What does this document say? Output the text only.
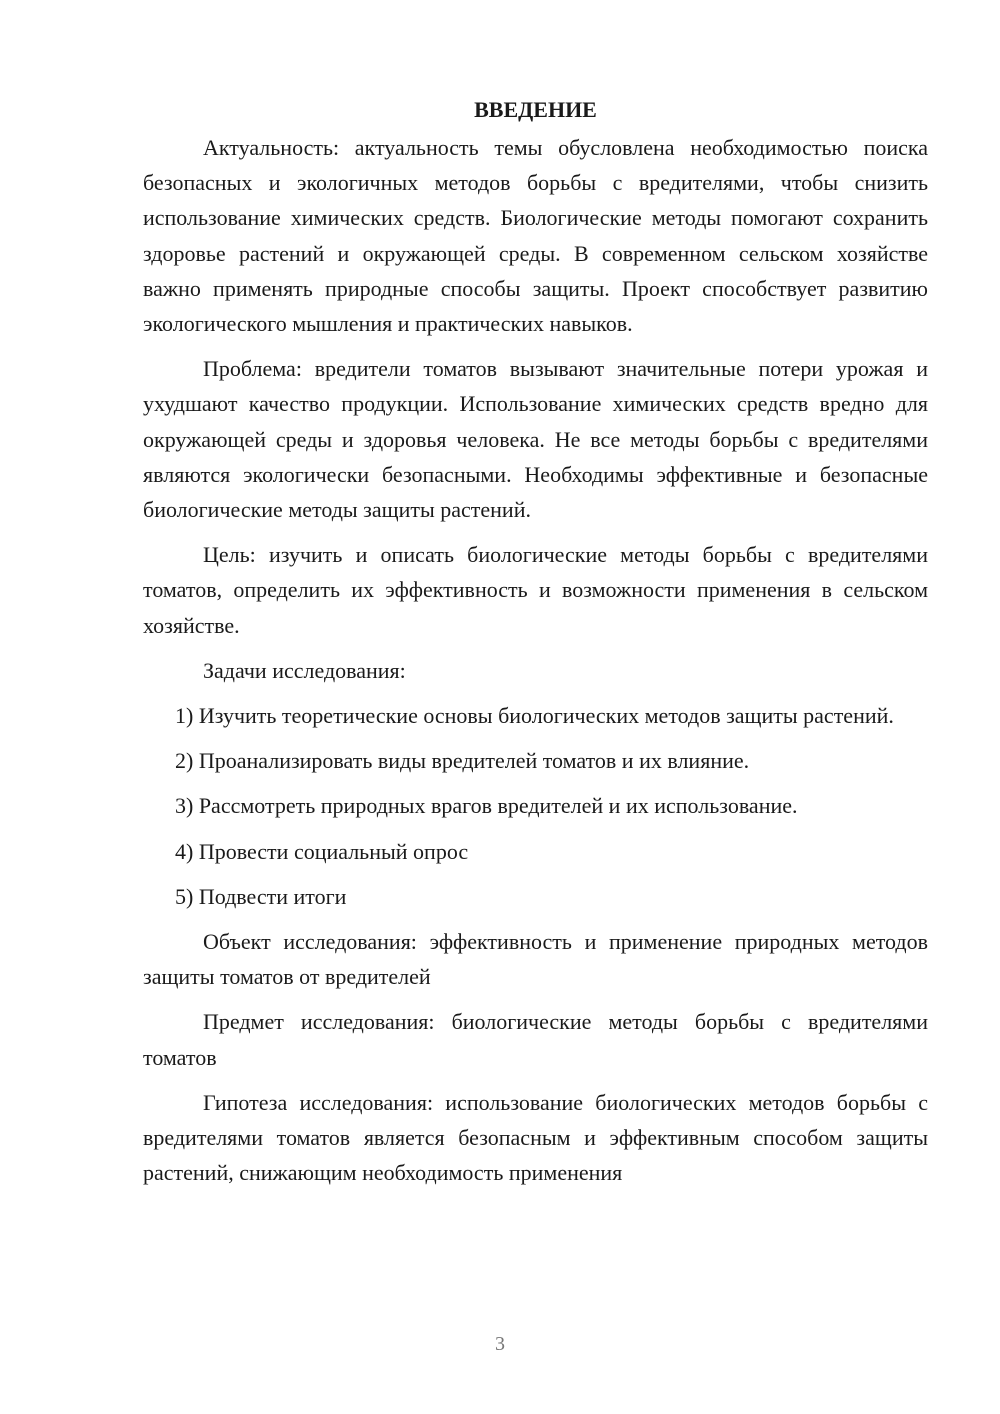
ВВЕДЕНИЕ

Актуальность: актуальность темы обусловлена необходимостью поиска безопасных и экологичных методов борьбы с вредителями, чтобы снизить использование химических средств. Биологические методы помогают сохранить здоровье растений и окружающей среды. В современном сельском хозяйстве важно применять природные способы защиты. Проект способствует развитию экологического мышления и практических навыков.

Проблема: вредители томатов вызывают значительные потери урожая и ухудшают качество продукции. Использование химических средств вредно для окружающей среды и здоровья человека. Не все методы борьбы с вредителями являются экологически безопасными. Необходимы эффективные и безопасные биологические методы защиты растений.

Цель: изучить и описать биологические методы борьбы с вредителями томатов, определить их эффективность и возможности применения в сельском хозяйстве.

Задачи исследования:

1) Изучить теоретические основы биологических методов защиты растений.

2) Проанализировать виды вредителей томатов и их влияние.

3) Рассмотреть природных врагов вредителей и их использование.

4) Провести социальный опрос

5) Подвести итоги

Объект исследования: эффективность и применение природных методов защиты томатов от вредителей

Предмет исследования: биологические методы борьбы с вредителями томатов

Гипотеза исследования: использование биологических методов борьбы с вредителями томатов является безопасным и эффективным способом защиты растений, снижающим необходимость применения

3
